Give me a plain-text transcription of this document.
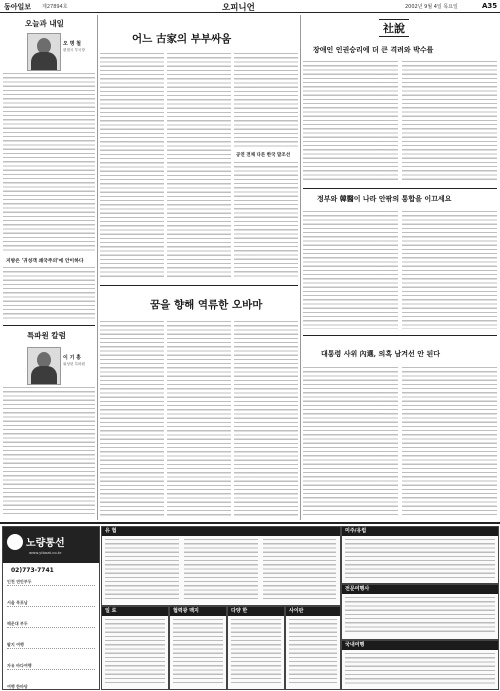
동아일보 제27894호	오피니언	2002년 9월 4일 목요일	A35
오늘과 내일
오 명 철
편집국 부국장
지방은 '귀성객 쇄국주의'에 안이하다
특파원 칼럼
이 기 홍
워싱턴 특파원
어느 古家의 부부싸움
공연 전체 다른 한국 말조선
꿈을 향해 역류한 오바마
社說
장애인 인권승리에 더 큰 격려와 박수를
정부와 韓醫이 나라 안팎의 통합을 이끄세요
대통령 사위 內選, 의혹 남겨선 안 된다
노량통선
www.yiboat.co.kr
02)773-7741
인천 연안부두
서울 목포남
해운대 부두
팔지 여행
자유 바다여행
여행 한마당
유 협
일 로	협력광 맥지	다양 한	사이판
미주/유럽
전문여행사
국내여행
